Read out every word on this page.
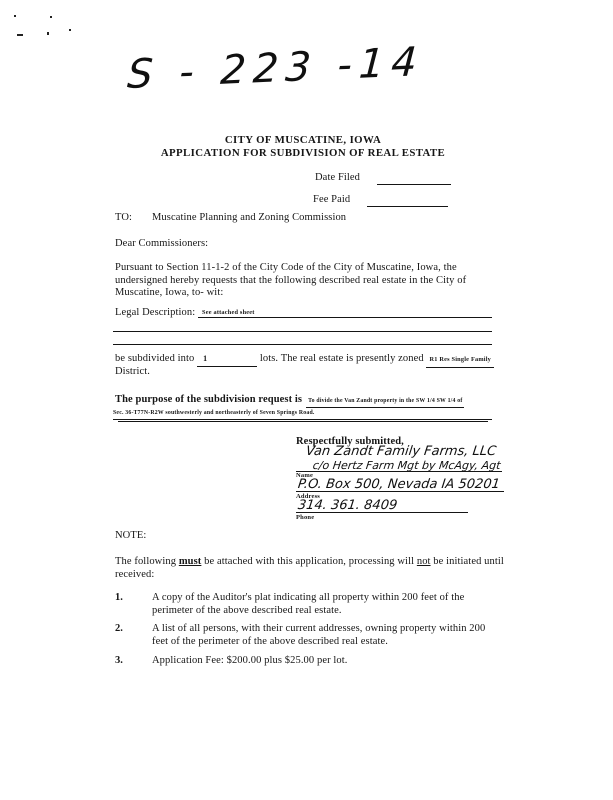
S - 223 -14
CITY OF MUSCATINE, IOWA
APPLICATION FOR SUBDIVISION OF REAL ESTATE
Date Filed
Fee Paid
TO: Muscatine Planning and Zoning Commission
Dear Commissioners:
Pursuant to Section 11-1-2 of the City Code of the City of Muscatine, Iowa, the undersigned hereby requests that the following described real estate in the City of Muscatine, Iowa, to- wit:
Legal Description: See attached sheet
be subdivided into 1	lots. The real estate is presently zoned R1 Res Single Family
District.
The purpose of the subdivision request is To divide the Van Zandt property in the SW 1/4 SW 1/4 of
Sec. 36-T77N-R2W southwesterly and northeasterly of Seven Springs Road.
Respectfully submitted,
Van Zandt Family Farms, LLC
c/o Hertz Farm Mgt by McAgy, Agt
Name
P.O. Box 500, Nevada IA 50201
Address
314. 361. 8409
Phone
NOTE:
The following must be attached with this application, processing will not be initiated until received:
1.	A copy of the Auditor's plat indicating all property within 200 feet of the perimeter of the above described real estate.
2.	A list of all persons, with their current addresses, owning property within 200 feet of the perimeter of the above described real estate.
3.	Application Fee: $200.00 plus $25.00 per lot.
